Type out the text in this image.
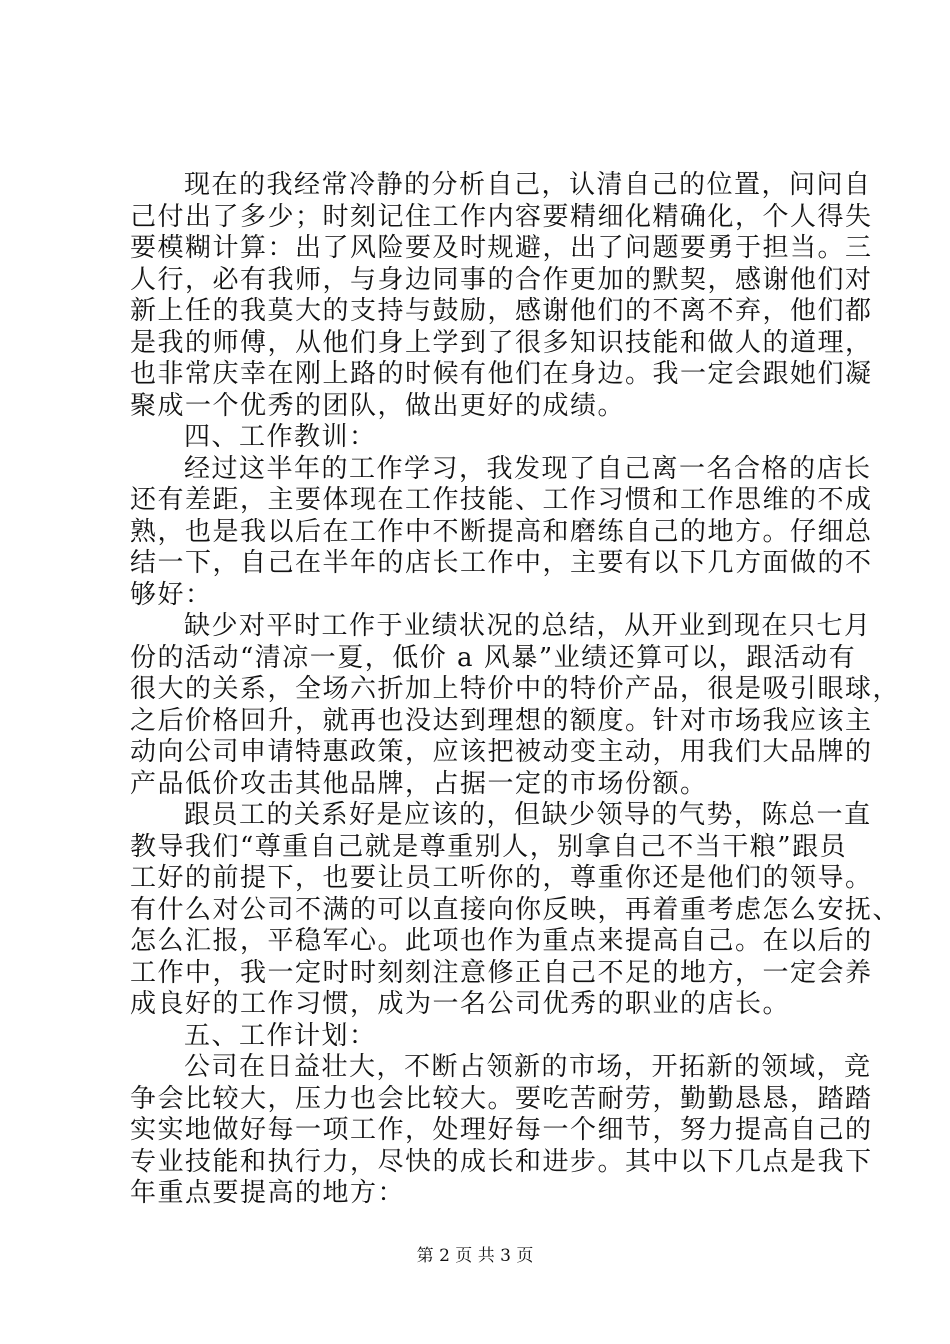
现在的我经常冷静的分析自己，认清自己的位置，问问自
己付出了多少；时刻记住工作内容要精细化精确化，个人得失
要模糊计算：出了风险要及时规避，出了问题要勇于担当。三
人行，必有我师，与身边同事的合作更加的默契，感谢他们对
新上任的我莫大的支持与鼓励，感谢他们的不离不弃，他们都
是我的师傅，从他们身上学到了很多知识技能和做人的道理，
也非常庆幸在刚上路的时候有他们在身边。我一定会跟她们凝
聚成一个优秀的团队，做出更好的成绩。
四、工作教训：
经过这半年的工作学习，我发现了自己离一名合格的店长
还有差距，主要体现在工作技能、工作习惯和工作思维的不成
熟，也是我以后在工作中不断提高和磨练自己的地方。仔细总
结一下，自己在半年的店长工作中，主要有以下几方面做的不
够好：
缺少对平时工作于业绩状况的总结，从开业到现在只七月
份的活动“清凉一夏，低价 a 风暴”业绩还算可以，跟活动有
很大的关系，全场六折加上特价中的特价产品，很是吸引眼球，
之后价格回升，就再也没达到理想的额度。针对市场我应该主
动向公司申请特惠政策，应该把被动变主动，用我们大品牌的
产品低价攻击其他品牌，占据一定的市场份额。
跟员工的关系好是应该的，但缺少领导的气势，陈总一直
教导我们“尊重自己就是尊重别人，别拿自己不当干粮”跟员
工好的前提下，也要让员工听你的，尊重你还是他们的领导。
有什么对公司不满的可以直接向你反映，再着重考虑怎么安抚、
怎么汇报，平稳军心。此项也作为重点来提高自己。在以后的
工作中，我一定时时刻刻注意修正自己不足的地方，一定会养
成良好的工作习惯，成为一名公司优秀的职业的店长。
五、工作计划：
公司在日益壮大，不断占领新的市场，开拓新的领域，竞
争会比较大，压力也会比较大。要吃苦耐劳，勤勤恳恳，踏踏
实实地做好每一项工作，处理好每一个细节，努力提高自己的
专业技能和执行力，尽快的成长和进步。其中以下几点是我下
年重点要提高的地方：
第 2 页 共 3 页
